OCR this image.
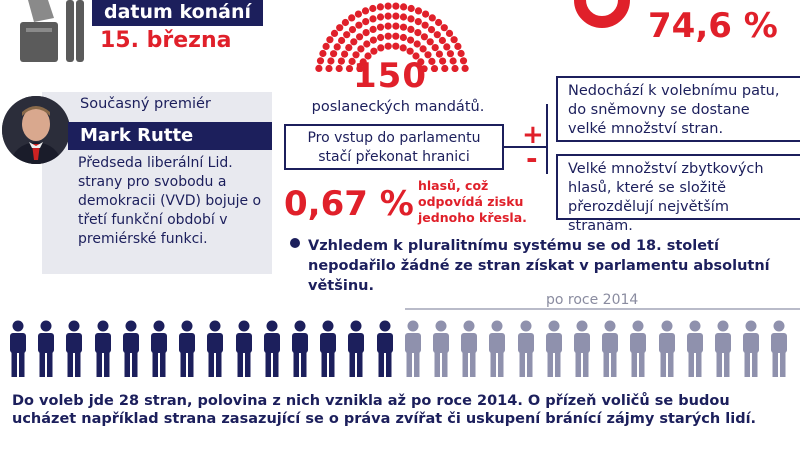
datum konání
15. března
150
poslaneckých mandátů.
74,6 %
Současný premiér
Mark Rutte
Předseda liberální Lid. strany pro svobodu a demokracii (VVD) bojuje o třetí funkční období v premiérské funkci.
Pro vstup do parlamentu stačí překonat hranici
0,67 % hlasů, což odpovídá zisku jednoho křesla.
+
-
Nedochází k volebnímu patu, do sněmovny se dostane velké množství stran.
Velké množství zbytkových hlasů, které se složitě přerozdělují největším stranám.
Vzhledem k pluralitnímu systému se od 18. století nepodařilo žádné ze stran získat v parlamentu absolutní většinu.
po roce 2014
Do voleb jde 28 stran, polovina z nich vznikla až po roce 2014. O přízeň voličů se budou ucházet například strana zasazující se o práva zvířat či uskupení bránící zájmy starých lidí.
